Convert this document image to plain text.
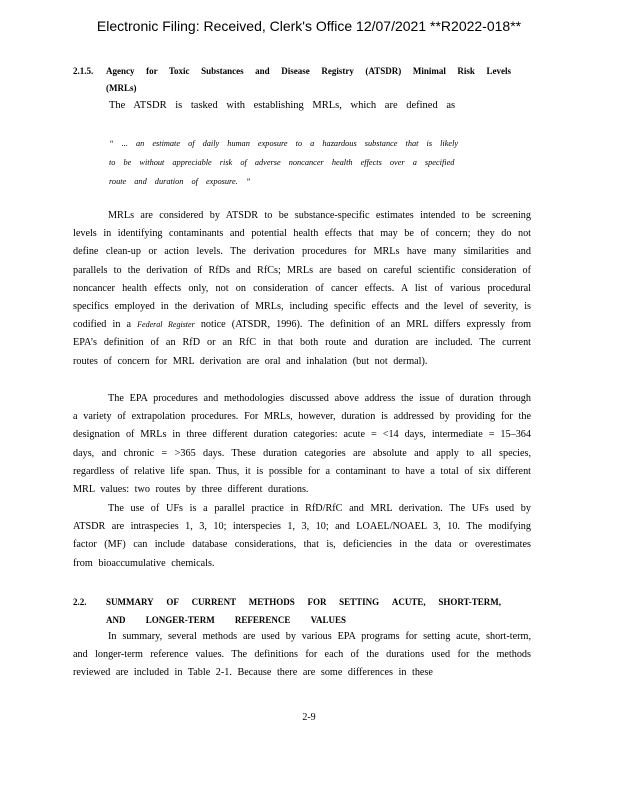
Electronic Filing: Received, Clerk's Office 12/07/2021 **R2022-018**
2.1.5. Agency for Toxic Substances and Disease Registry (ATSDR) Minimal Risk Levels
(MRLs)
The ATSDR is tasked with establishing MRLs, which are defined as
“ ... an estimate of daily human exposure to a hazardous substance that is likely
to be without appreciable risk of adverse noncancer health effects over a specified
route and duration of exposure. ”
MRLs are considered by ATSDR to be substance-specific estimates intended to be screening levels in identifying contaminants and potential health effects that may be of concern; they do not define clean-up or action levels. The derivation procedures for MRLs have many similarities and parallels to the derivation of RfDs and RfCs; MRLs are based on careful scientific consideration of noncancer health effects only, not on consideration of cancer effects. A list of various procedural specifics employed in the derivation of MRLs, including specific effects and the level of severity, is codified in a Federal Register notice (ATSDR, 1996). The definition of an MRL differs expressly from EPA’s definition of an RfD or an RfC in that both route and duration are included. The current routes of concern for MRL derivation are oral and inhalation (but not dermal).
The EPA procedures and methodologies discussed above address the issue of duration through a variety of extrapolation procedures. For MRLs, however, duration is addressed by providing for the designation of MRLs in three different duration categories: acute = <14 days, intermediate = 15–364 days, and chronic = >365 days. These duration categories are absolute and apply to all species, regardless of relative life span. Thus, it is possible for a contaminant to have a total of six different MRL values: two routes by three different durations.
The use of UFs is a parallel practice in RfD/RfC and MRL derivation. The UFs used by ATSDR are intraspecies 1, 3, 10; interspecies 1, 3, 10; and LOAEL/NOAEL 3, 10. The modifying factor (MF) can include database considerations, that is, deficiencies in the data or overestimates from bioaccumulative chemicals.
2.2. SUMMARY OF CURRENT METHODS FOR SETTING ACUTE, SHORT-TERM,
AND LONGER-TERM REFERENCE VALUES
In summary, several methods are used by various EPA programs for setting acute, short-term, and longer-term reference values. The definitions for each of the durations used for the methods reviewed are included in Table 2-1. Because there are some differences in these
2-9
